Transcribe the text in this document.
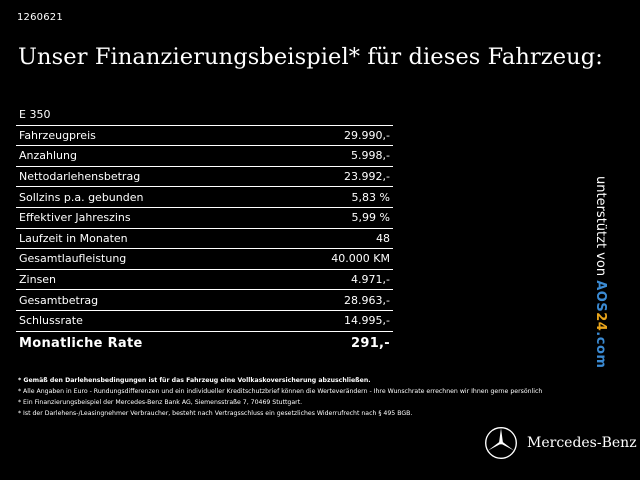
1260621
Unser Finanzierungsbeispiel* für dieses Fahrzeug:
E 350
Fahrzeugpreis	29.990,-
Anzahlung	5.998,-
Nettodarlehensbetrag	23.992,-
Sollzins p.a. gebunden	5,83 %
Effektiver Jahreszins	5,99 %
Laufzeit in Monaten	48
Gesamtlaufleistung	40.000 KM
Zinsen	4.971,-
Gesamtbetrag	28.963,-
Schlussrate	14.995,-
Monatliche Rate	291,-
* Gemäß den Darlehensbedingungen ist für das Fahrzeug eine Vollkaskoversicherung abzuschließen.
* Alle Angaben in Euro - Rundungsdifferenzen und ein individueller Kreditschutzbrief können die Werteverändern - Ihre Wunschrate errechnen wir Ihnen gerne persönlich
* Ein Finanzierungsbeispiel der Mercedes-Benz Bank AG, Siemensstraße 7, 70469 Stuttgart.
* Ist der Darlehens-/Leasingnehmer Verbraucher, besteht nach Vertragsschluss ein gesetzliches Widerrufrecht nach § 495 BGB.
unterstützt von AOS24.com
Mercedes-Benz
